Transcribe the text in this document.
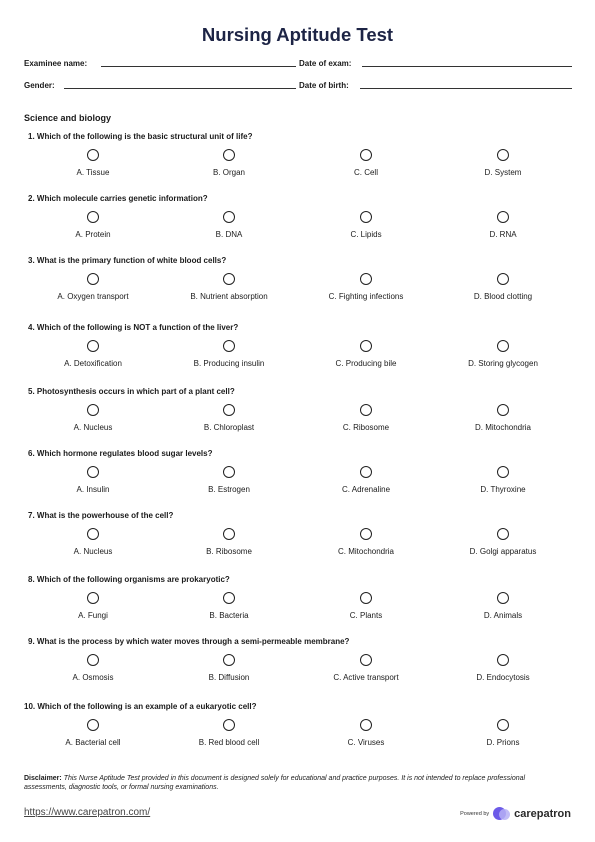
Nursing Aptitude Test
Examinee name:	Date of exam:
Gender:	Date of birth:
Science and biology
1. Which of the following is the basic structural unit of life?
A. Tissue	B. Organ	C. Cell	D. System
2. Which molecule carries genetic information?
A. Protein	B. DNA	C. Lipids	D. RNA
3. What is the primary function of white blood cells?
A. Oxygen transport	B. Nutrient absorption	C. Fighting infections	D. Blood clotting
4. Which of the following is NOT a function of the liver?
A. Detoxification	B. Producing insulin	C. Producing bile	D. Storing glycogen
5. Photosynthesis occurs in which part of a plant cell?
A. Nucleus	B. Chloroplast	C. Ribosome	D. Mitochondria
6. Which hormone regulates blood sugar levels?
A. Insulin	B. Estrogen	C. Adrenaline	D. Thyroxine
7. What is the powerhouse of the cell?
A. Nucleus	B. Ribosome	C. Mitochondria	D. Golgi apparatus
8. Which of the following organisms are prokaryotic?
A. Fungi	B. Bacteria	C. Plants	D. Animals
9. What is the process by which water moves through a semi-permeable membrane?
A. Osmosis	B. Diffusion	C. Active transport	D. Endocytosis
10. Which of the following is an example of a eukaryotic cell?
A. Bacterial cell	B. Red blood cell	C. Viruses	D. Prions
Disclaimer: This Nurse Aptitude Test provided in this document is designed solely for educational and practice purposes. It is not intended to replace professional assessments, diagnostic tools, or formal nursing examinations.
https://www.carepatron.com/	Powered by carepatron
